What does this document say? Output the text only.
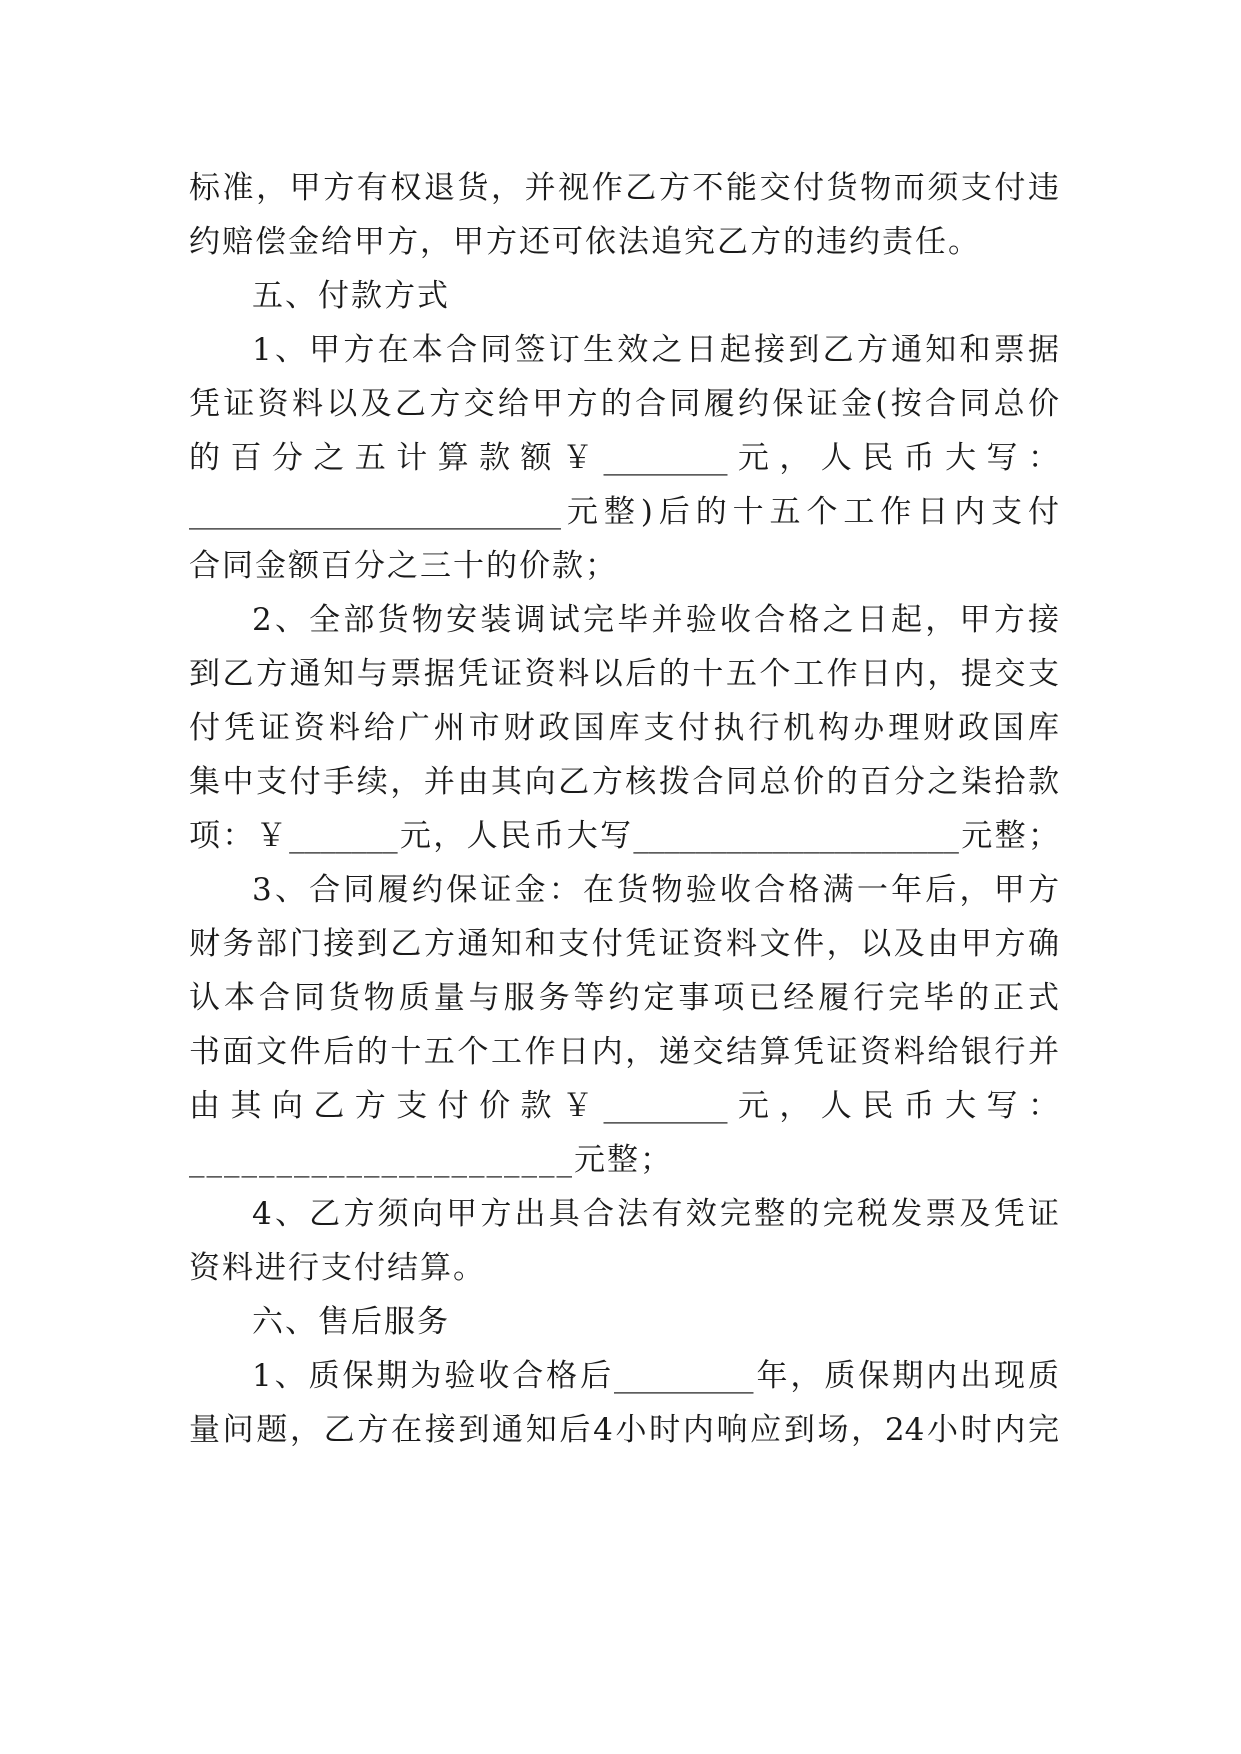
标准，甲方有权退货，并视作乙方不能交付货物而须支付违
约赔偿金给甲方，甲方还可依法追究乙方的违约责任。
五、付款方式
1、甲方在本合同签订生效之日起接到乙方通知和票据
凭证资料以及乙方交给甲方的合同履约保证金(按合同总价
的百分之五计算款额￥________元，人民币大写：
________________________元整)后的十五个工作日内支付
合同金额百分之三十的价款；
2、全部货物安装调试完毕并验收合格之日起，甲方接
到乙方通知与票据凭证资料以后的十五个工作日内，提交支
付凭证资料给广州市财政国库支付执行机构办理财政国库
集中支付手续，并由其向乙方核拨合同总价的百分之柒拾款
项：￥_______元，人民币大写_____________________元整；
3、合同履约保证金：在货物验收合格满一年后，甲方
财务部门接到乙方通知和支付凭证资料文件，以及由甲方确
认本合同货物质量与服务等约定事项已经履行完毕的正式
书面文件后的十五个工作日内，递交结算凭证资料给银行并
由其向乙方支付价款￥________元，人民币大写：
______________________元整；
4、乙方须向甲方出具合法有效完整的完税发票及凭证
资料进行支付结算。
六、售后服务
1、质保期为验收合格后_________年，质保期内出现质
量问题，乙方在接到通知后4小时内响应到场，24小时内完
